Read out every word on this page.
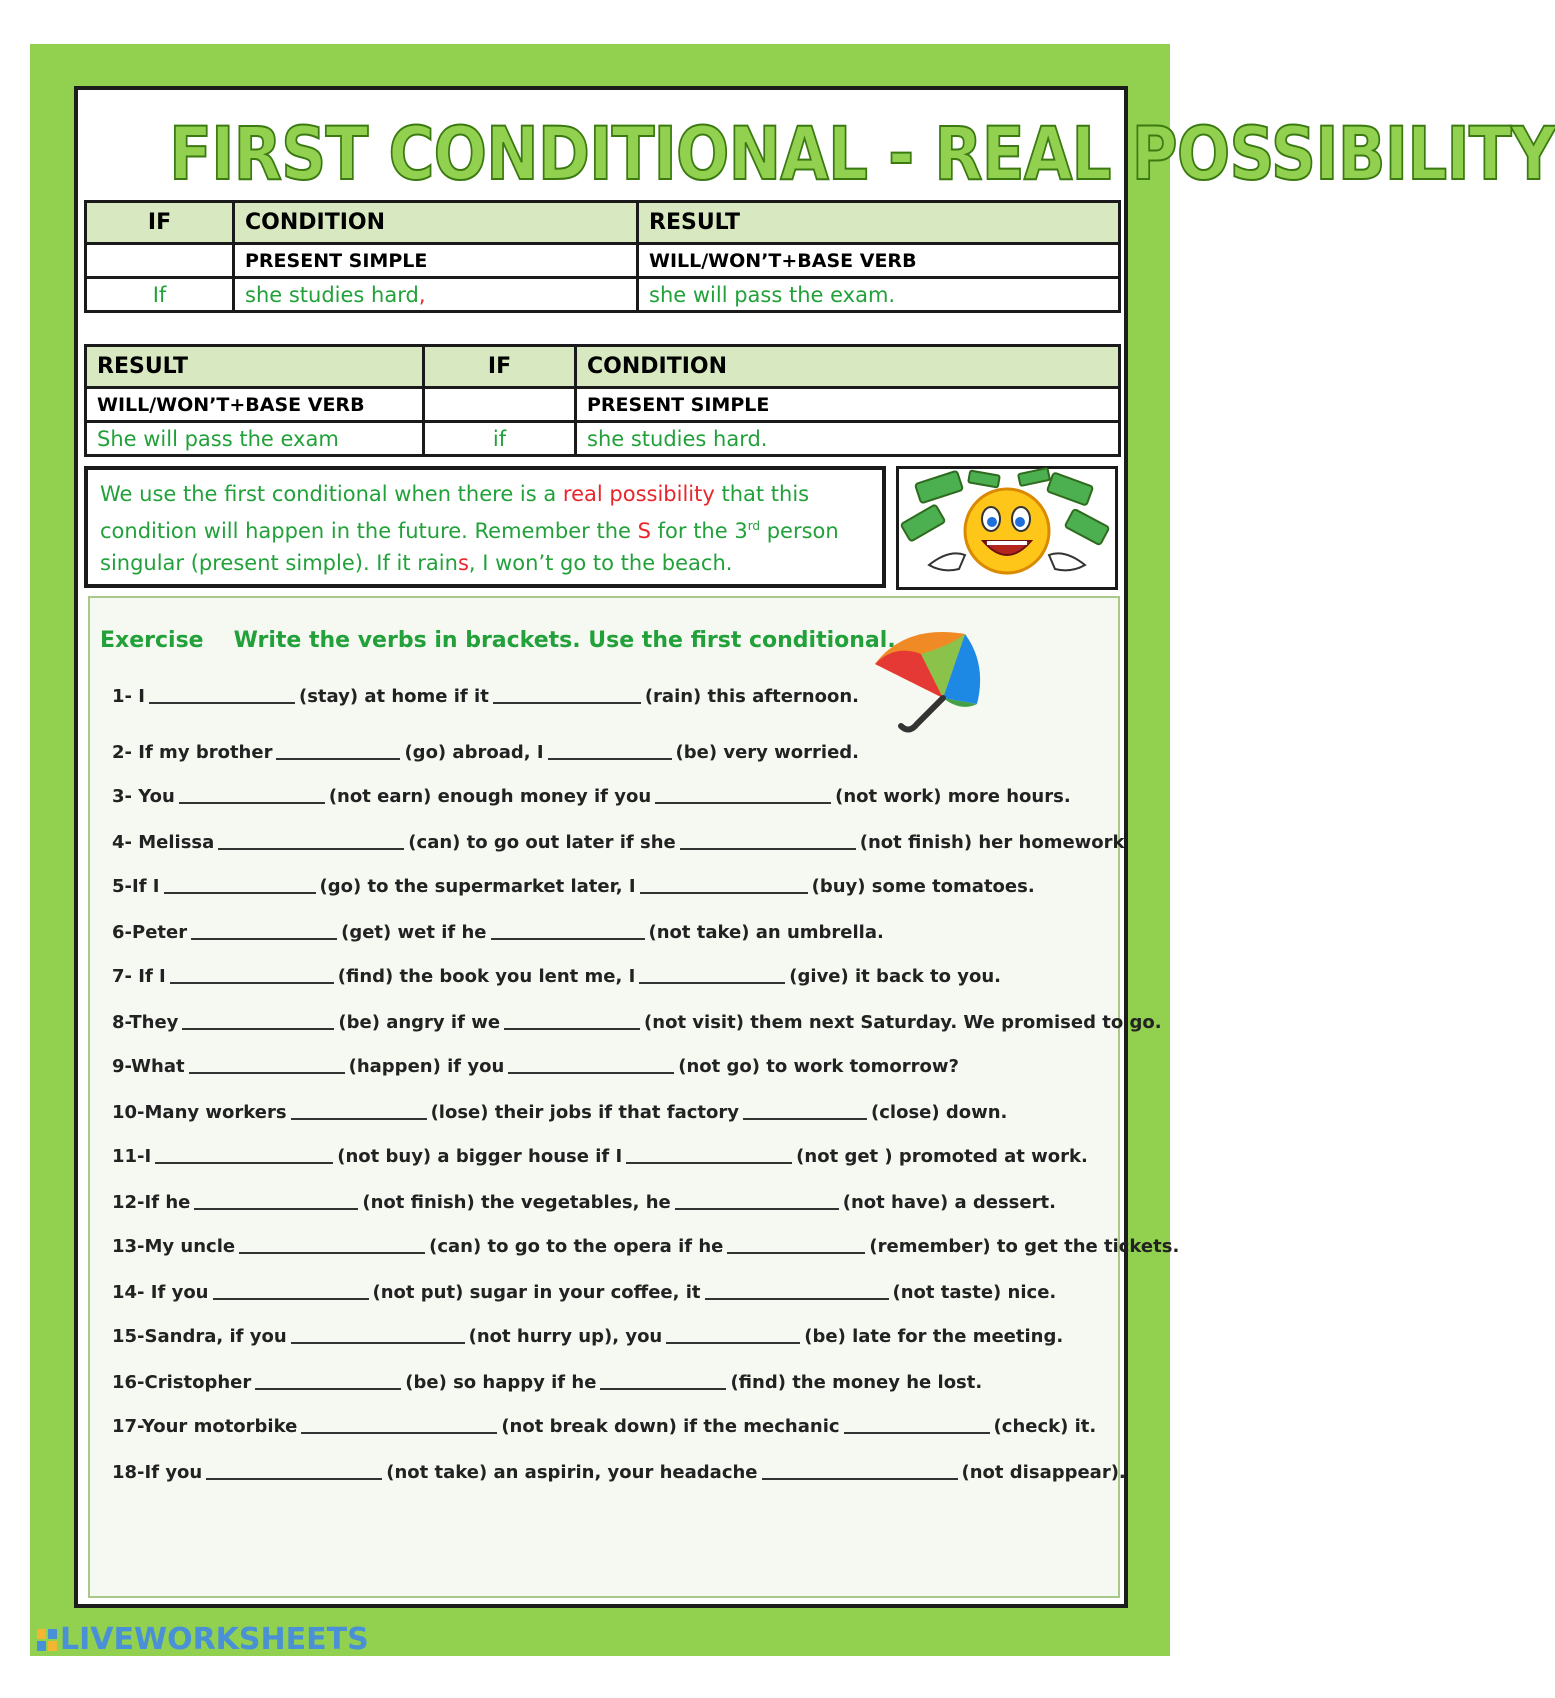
FIRST CONDITIONAL - REAL POSSIBILITY
IF	CONDITION	RESULT
	PRESENT SIMPLE	WILL/WON’T+BASE VERB
If	she studies hard,	she will pass the exam.
RESULT	IF	CONDITION
WILL/WON’T+BASE VERB		PRESENT SIMPLE
She will pass the exam	if	she studies hard.
We use the first conditional when there is a real possibility that this condition will happen in the future. Remember the S for the 3rd person singular (present simple). If it rains, I won’t go to the beach.
Exercise Write the verbs in brackets. Use the first conditional.
1- I	(stay) at home if it	(rain) this afternoon.
2- If my brother	(go) abroad, I	(be) very worried.
3- You	(not earn) enough money if you	(not work) more hours.
4- Melissa	(can) to go out later if she	(not finish) her homework
5-If I	(go) to the supermarket later, I	(buy) some tomatoes.
6-Peter	(get) wet if he	(not take) an umbrella.
7- If I	(find) the book you lent me, I	(give) it back to you.
8-They	(be) angry if we	(not visit) them next Saturday. We promised to go.
9-What	(happen) if you	(not go) to work tomorrow?
10-Many workers	(lose) their jobs if that factory	(close) down.
11-I	(not buy) a bigger house if I	(not get ) promoted at work.
12-If he	(not finish) the vegetables, he	(not have) a dessert.
13-My uncle	(can) to go to the opera if he	(remember) to get the tickets.
14- If you	(not put) sugar in your coffee, it	(not taste) nice.
15-Sandra, if you	(not hurry up), you	(be) late for the meeting.
16-Cristopher	(be) so happy if he	(find) the money he lost.
17-Your motorbike	(not break down) if the mechanic	(check) it.
18-If you	(not take) an aspirin, your headache	(not disappear).
LIVEWORKSHEETS
